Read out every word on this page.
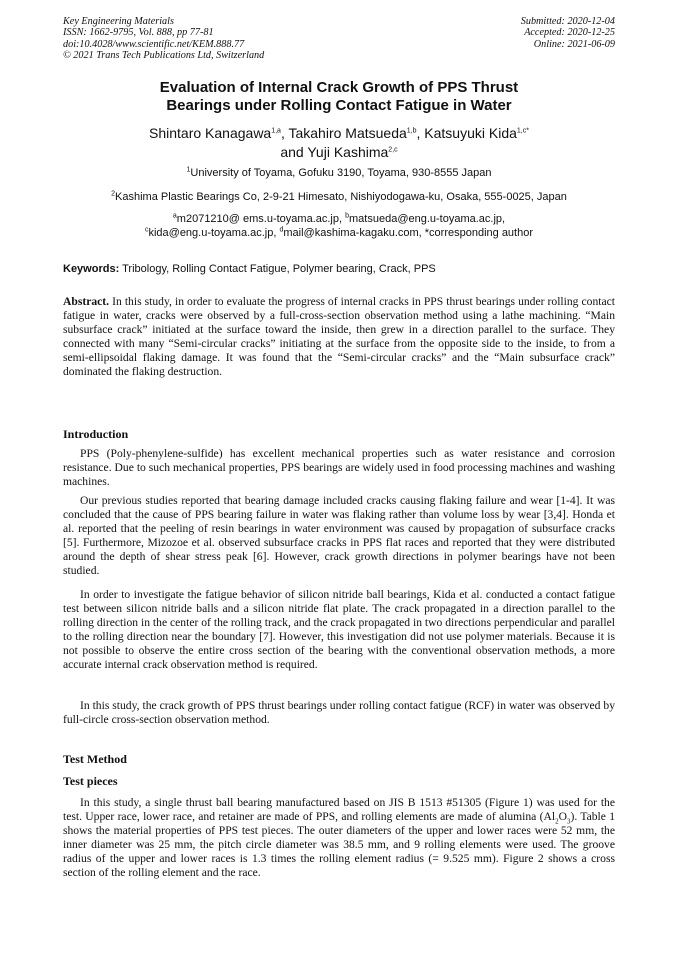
Key Engineering Materials
ISSN: 1662-9795, Vol. 888, pp 77-81
doi:10.4028/www.scientific.net/KEM.888.77
© 2021 Trans Tech Publications Ltd, Switzerland
Submitted: 2020-12-04
Accepted: 2020-12-25
Online: 2021-06-09
Evaluation of Internal Crack Growth of PPS Thrust
Bearings under Rolling Contact Fatigue in Water
Shintaro Kanagawa$^{1,a}$, Takahiro Matsueda$^{1,b}$, Katsuyuki Kida$^{1,c*}$
and Yuji Kashima$^{2,c}$
$^1$University of Toyama, Gofuku 3190, Toyama, 930-8555 Japan
$^2$Kashima Plastic Bearings Co, 2-9-21 Himesato, Nishiyodogawa-ku, Osaka, 555-0025, Japan
$^a$m2071210@ ems.u-toyama.ac.jp, $^b$matsueda@eng.u-toyama.ac.jp,
$^c$kida@eng.u-toyama.ac.jp, $^d$mail@kashima-kagaku.com, *corresponding author
Keywords: Tribology, Rolling Contact Fatigue, Polymer bearing, Crack, PPS
Abstract. In this study, in order to evaluate the progress of internal cracks in PPS thrust bearings under rolling contact fatigue in water, cracks were observed by a full-cross-section observation method using a lathe machining. “Main subsurface crack” initiated at the surface toward the inside, then grew in a direction parallel to the surface. They connected with many “Semi-circular cracks” initiating at the surface from the opposite side to the inside, to from a semi-ellipsoidal flaking damage. It was found that the “Semi-circular cracks” and the “Main subsurface crack” dominated the flaking destruction.
Introduction
PPS (Poly-phenylene-sulfide) has excellent mechanical properties such as water resistance and corrosion resistance. Due to such mechanical properties, PPS bearings are widely used in food processing machines and washing machines.
Our previous studies reported that bearing damage included cracks causing flaking failure and wear [1-4]. It was concluded that the cause of PPS bearing failure in water was flaking rather than volume loss by wear [3,4]. Honda et al. reported that the peeling of resin bearings in water environment was caused by propagation of subsurface cracks [5]. Furthermore, Mizozoe et al. observed subsurface cracks in PPS flat races and reported that they were distributed around the depth of shear stress peak [6]. However, crack growth directions in polymer bearings have not been studied.
In order to investigate the fatigue behavior of silicon nitride ball bearings, Kida et al. conducted a contact fatigue test between silicon nitride balls and a silicon nitride flat plate. The crack propagated in a direction parallel to the rolling direction in the center of the rolling track, and the crack propagated in two directions perpendicular and parallel to the rolling direction near the boundary [7]. However, this investigation did not use polymer materials. Because it is not possible to observe the entire cross section of the bearing with the conventional observation methods, a more accurate internal crack observation method is required.
In this study, the crack growth of PPS thrust bearings under rolling contact fatigue (RCF) in water was observed by full-circle cross-section observation method.
Test Method
Test pieces
In this study, a single thrust ball bearing manufactured based on JIS B 1513 #51305 (Figure 1) was used for the test. Upper race, lower race, and retainer are made of PPS, and rolling elements are made of alumina $(Al_2O_3)$. Table 1 shows the material properties of PPS test pieces. The outer diameters of the upper and lower races were 52 mm, the inner diameter was 25 mm, the pitch circle diameter was 38.5 mm, and 9 rolling elements were used. The groove radius of the upper and lower races is 1.3 times the rolling element radius (= 9.525 mm). Figure 2 shows a cross section of the rolling element and the race.
